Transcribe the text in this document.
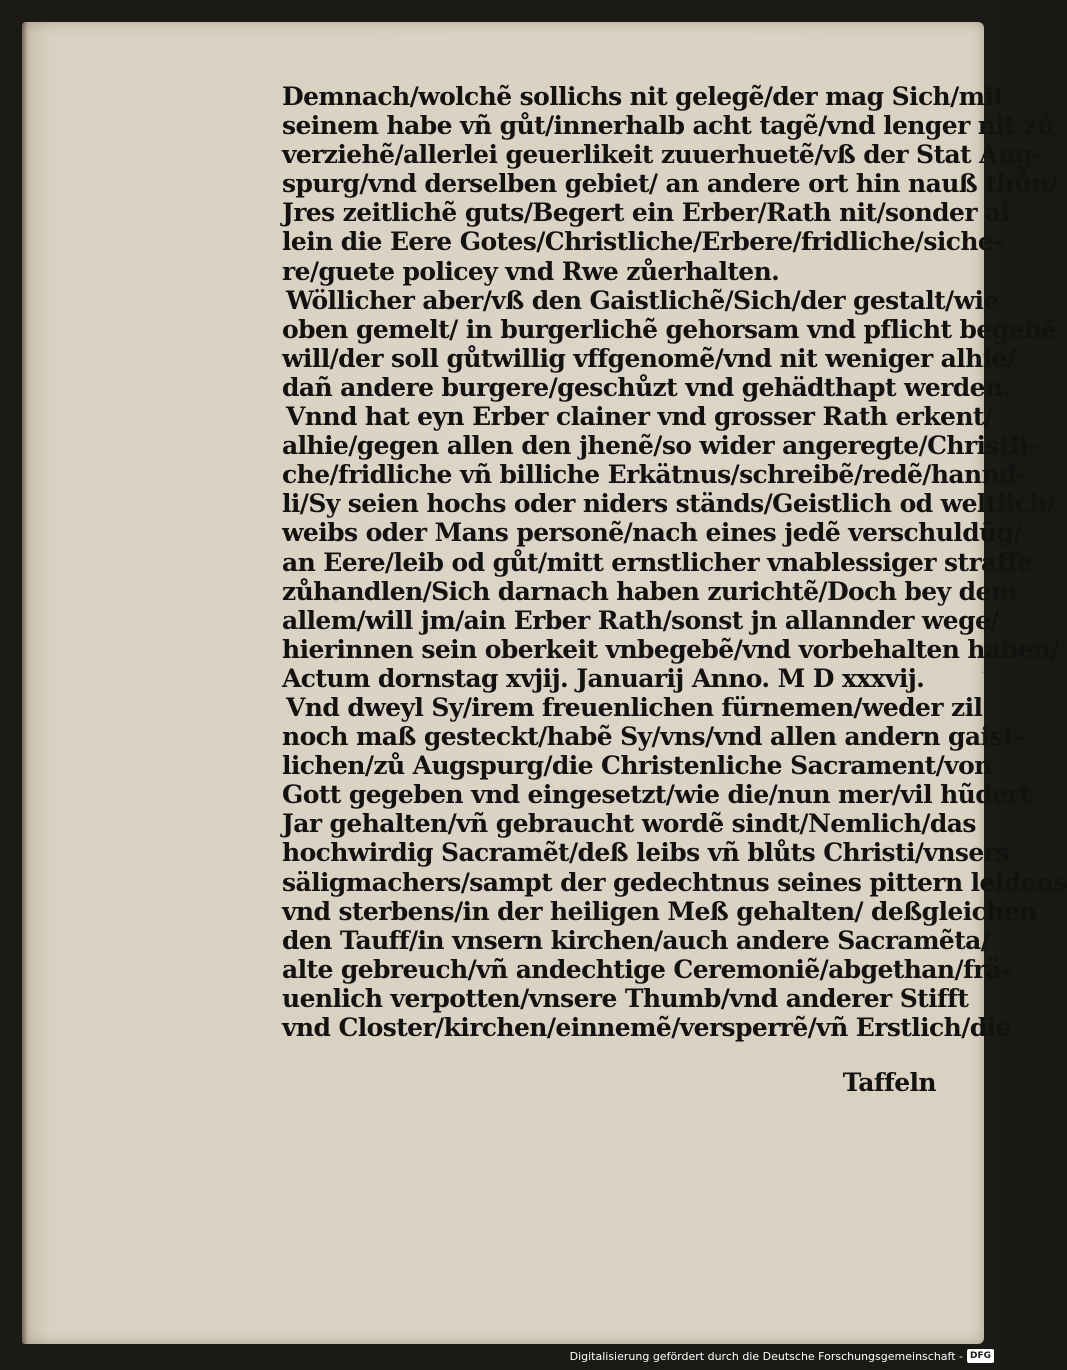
Demnach/wolchẽ sollichs nit gelegẽ/der mag Sich/mit
seinem habe vñ gůt/innerhalb acht tagẽ/vnd lenger nit zů
verziehẽ/allerlei geuerlikeit zuuerhuetẽ/vß der Stat Aug‑
spurg/vnd derselben gebiet/ an andere ort hin nauß thůn/
Jres zeitlichẽ guts/Begert ein Erber/Rath nit/sonder al
lein die Eere Gotes/Christliche/Erbere/fridliche/siche‑
re/guete policey vnd Rwe zůerhalten.
Wöllicher aber/vß den Gaistlichẽ/Sich/der gestalt/wie
oben gemelt/ in burgerlichẽ gehorsam vnd pflicht begebẽ
will/der soll gůtwillig vffgenomẽ/vnd nit weniger alhie/
dañ andere burgere/geschůzt vnd gehädthapt werden.
Vnnd hat eyn Erber clainer vnd grosser Rath erkent/
alhie/gegen allen den jhenẽ/so wider angeregte/Christli‑
che/fridliche vñ billiche Erkätnus/schreibẽ/redẽ/hannd‑
li/Sy seien hochs oder niders ständs/Geistlich od weltlich/
weibs oder Mans personẽ/nach eines jedẽ verschuldũg/
an Eere/leib od gůt/mitt ernstlicher vnablessiger straffe
zůhandlen/Sich darnach haben zurichtẽ/Doch bey dem
allem/will jm/ain Erber Rath/sonst jn allannder wege/
hierinnen sein oberkeit vnbegebẽ/vnd vorbehalten haben/
Actum dornstag xvjij. Januarij Anno. M D xxxvij.
Vnd dweyl Sy/irem freuenlichen fürnemen/weder zil
noch maß gesteckt/habẽ Sy/vns/vnd allen andern gaist‑
lichen/zů Augspurg/die Christenliche Sacrament/von
Gott gegeben vnd eingesetzt/wie die/nun mer/vil hũdert
Jar gehalten/vñ gebraucht wordẽ sindt/Nemlich/das
hochwirdig Sacramẽt/deß leibs vñ blůts Christi/vnsers
säligmachers/sampt der gedechtnus seines pittern leidens
vnd sterbens/in der heiligen Meß gehalten/ deßgleichen
den Tauff/in vnsern kirchen/auch andere Sacramẽta/
alte gebreuch/vñ andechtige Ceremoniẽ/abgethan/frä‑
uenlich verpotten/vnsere Thumb/vnd anderer Stifft
vnd Closter/kirchen/einnemẽ/versperrẽ/vñ Erstlich/die
Taffeln
·
Digitalisierung gefördert durch die Deutsche Forschungsgemeinschaft - DFG
